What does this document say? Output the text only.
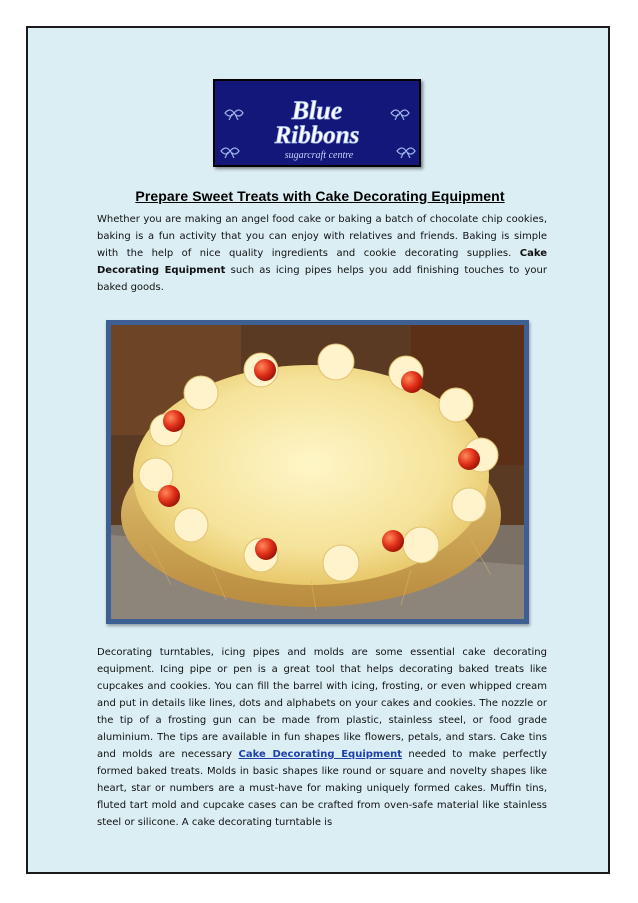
Blue
Ribbons
sugarcraft centre
Prepare Sweet Treats with Cake Decorating Equipment

Whether you are making an angel food cake or baking a batch of chocolate chip cookies, baking is a fun activity that you can enjoy with relatives and friends. Baking is simple with the help of nice quality ingredients and cookie decorating supplies. Cake Decorating Equipment such as icing pipes helps you add finishing touches to your baked goods.

Decorating turntables, icing pipes and molds are some essential cake decorating equipment. Icing pipe or pen is a great tool that helps decorating baked treats like cupcakes and cookies. You can fill the barrel with icing, frosting, or even whipped cream and put in details like lines, dots and alphabets on your cakes and cookies. The nozzle or the tip of a frosting gun can be made from plastic, stainless steel, or food grade aluminium. The tips are available in fun shapes like flowers, petals, and stars. Cake tins and molds are necessary Cake Decorating Equipment needed to make perfectly formed baked treats. Molds in basic shapes like round or square and novelty shapes like heart, star or numbers are a must-have for making uniquely formed cakes. Muffin tins, fluted tart mold and cupcake cases can be crafted from oven-safe material like stainless steel or silicone. A cake decorating turntable is
